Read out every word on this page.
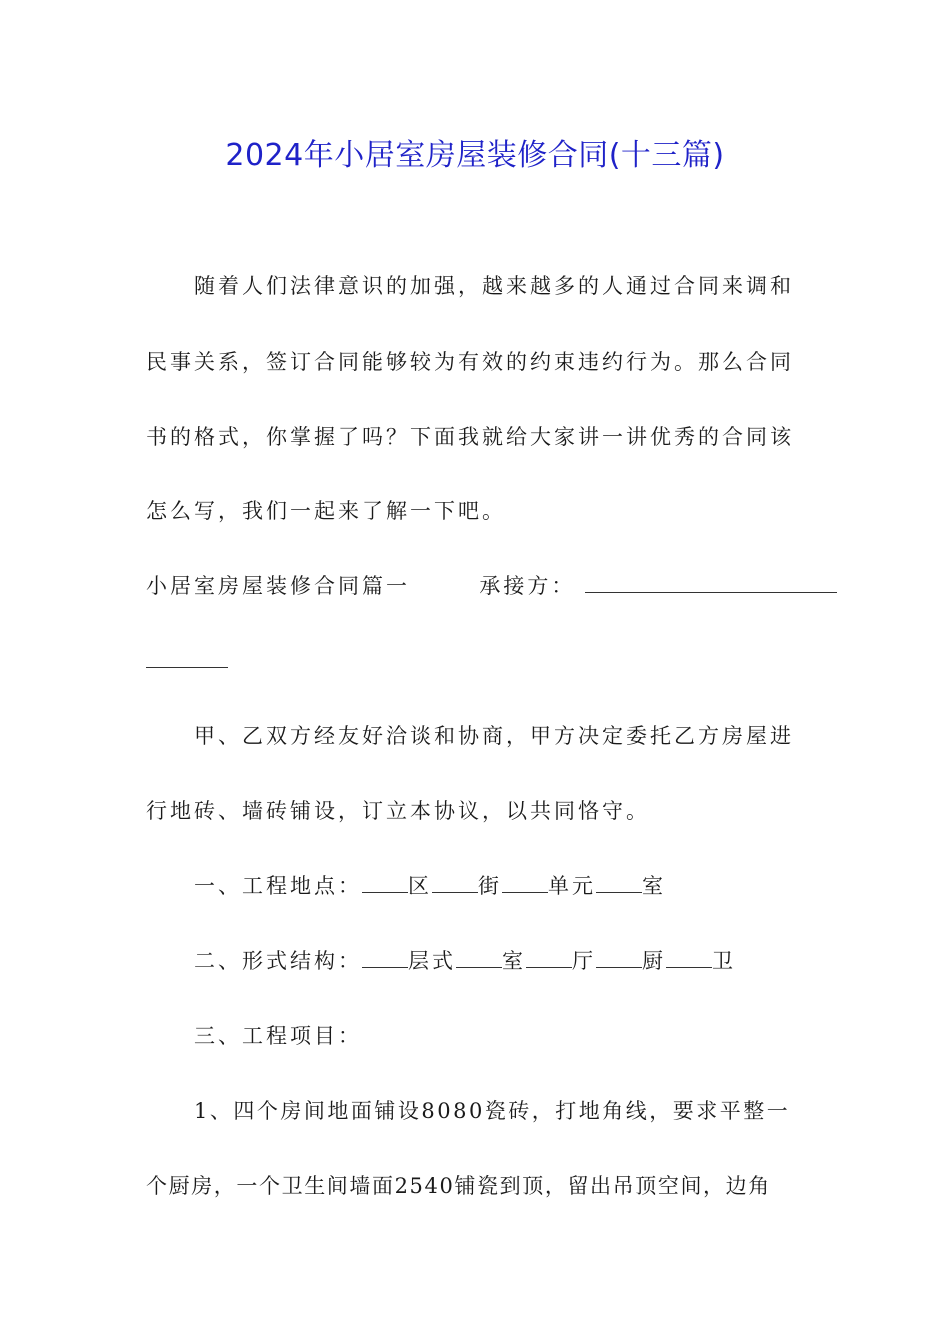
2024年小居室房屋装修合同(十三篇)
随着人们法律意识的加强，越来越多的人通过合同来调和
民事关系，签订合同能够较为有效的约束违约行为。那么合同
书的格式，你掌握了吗？下面我就给大家讲一讲优秀的合同该
怎么写，我们一起来了解一下吧。
小居室房屋装修合同篇一	承接方：
甲、乙双方经友好洽谈和协商，甲方决定委托乙方房屋进
行地砖、墙砖铺设，订立本协议，以共同恪守。
一、工程地点： 区 街 单元 室
二、形式结构： 层式 室 厅 厨 卫
三、工程项目：
1、四个房间地面铺设8080瓷砖，打地角线，要求平整一
个厨房，一个卫生间墙面2540铺瓷到顶，留出吊顶空间，边角
